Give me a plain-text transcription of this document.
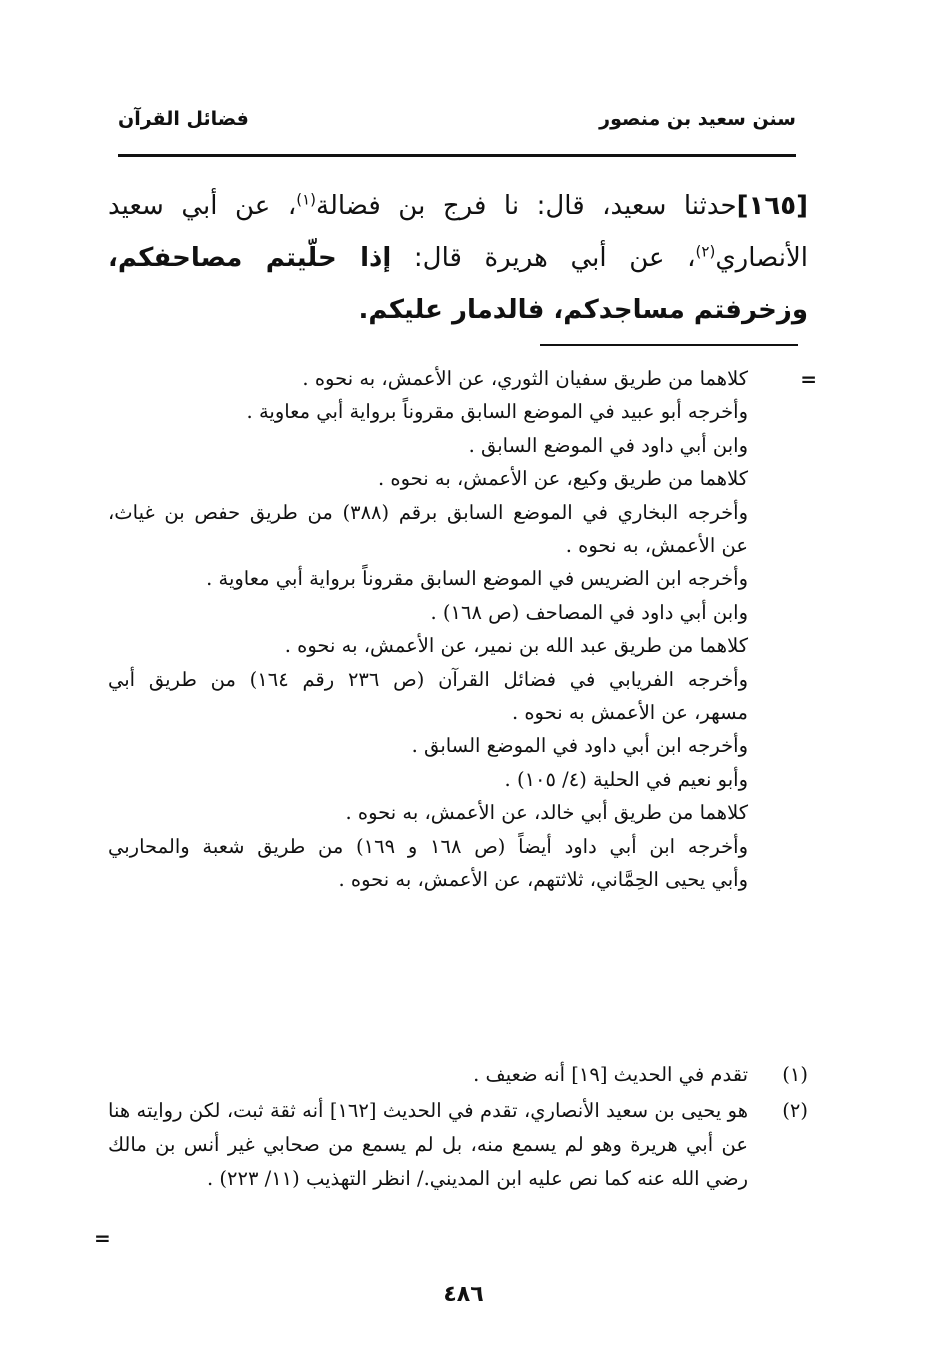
سنن سعيد بن منصور
فضائل القرآن

[١٦٥]حدثنا سعيد، قال: نا فرج بن فضالة$^{(١)}$، عن أبي سعيد الأنصاري$^{(٢)}$، عن أبي هريرة قال: إذا حلّيتم مصاحفكم، وزخرفتم مساجدكم، فالدمار عليكم.

=
كلاهما من طريق سفيان الثوري، عن الأعمش، به نحوه .
وأخرجه أبو عبيد في الموضع السابق مقروناً برواية أبي معاوية .
وابن أبي داود في الموضع السابق .
كلاهما من طريق وكيع، عن الأعمش، به نحوه .
وأخرجه البخاري في الموضع السابق برقم (٣٨٨) من طريق حفص بن غياث،
عن الأعمش، به نحوه .
وأخرجه ابن الضريس في الموضع السابق مقروناً برواية أبي معاوية .
وابن أبي داود في المصاحف (ص ١٦٨) .
كلاهما من طريق عبد الله بن نمير، عن الأعمش، به نحوه .
وأخرجه الفريابي في فضائل القرآن (ص ٢٣٦ رقم ١٦٤) من طريق أبي
مسهر، عن الأعمش به نحوه .
وأخرجه ابن أبي داود في الموضع السابق .
وأبو نعيم في الحلية (٤/ ١٠٥) .
كلاهما من طريق أبي خالد، عن الأعمش، به نحوه .
وأخرجه ابن أبي داود أيضاً (ص ١٦٨ و ١٦٩) من طريق شعبة والمحاربي
وأبي يحيى الحِمَّاني، ثلاثتهم، عن الأعمش، به نحوه .
(١)
تقدم في الحديث [١٩] أنه ضعيف .
(٢)
هو يحيى بن سعيد الأنصاري، تقدم في الحديث [١٦٢] أنه ثقة ثبت، لكن روايته هنا عن أبي هريرة وهو لم يسمع منه، بل لم يسمع من صحابي غير أنس بن مالك رضي الله عنه كما نص عليه ابن المديني./ انظر التهذيب (١١/ ٢٢٣) .
=
٤٨٦
